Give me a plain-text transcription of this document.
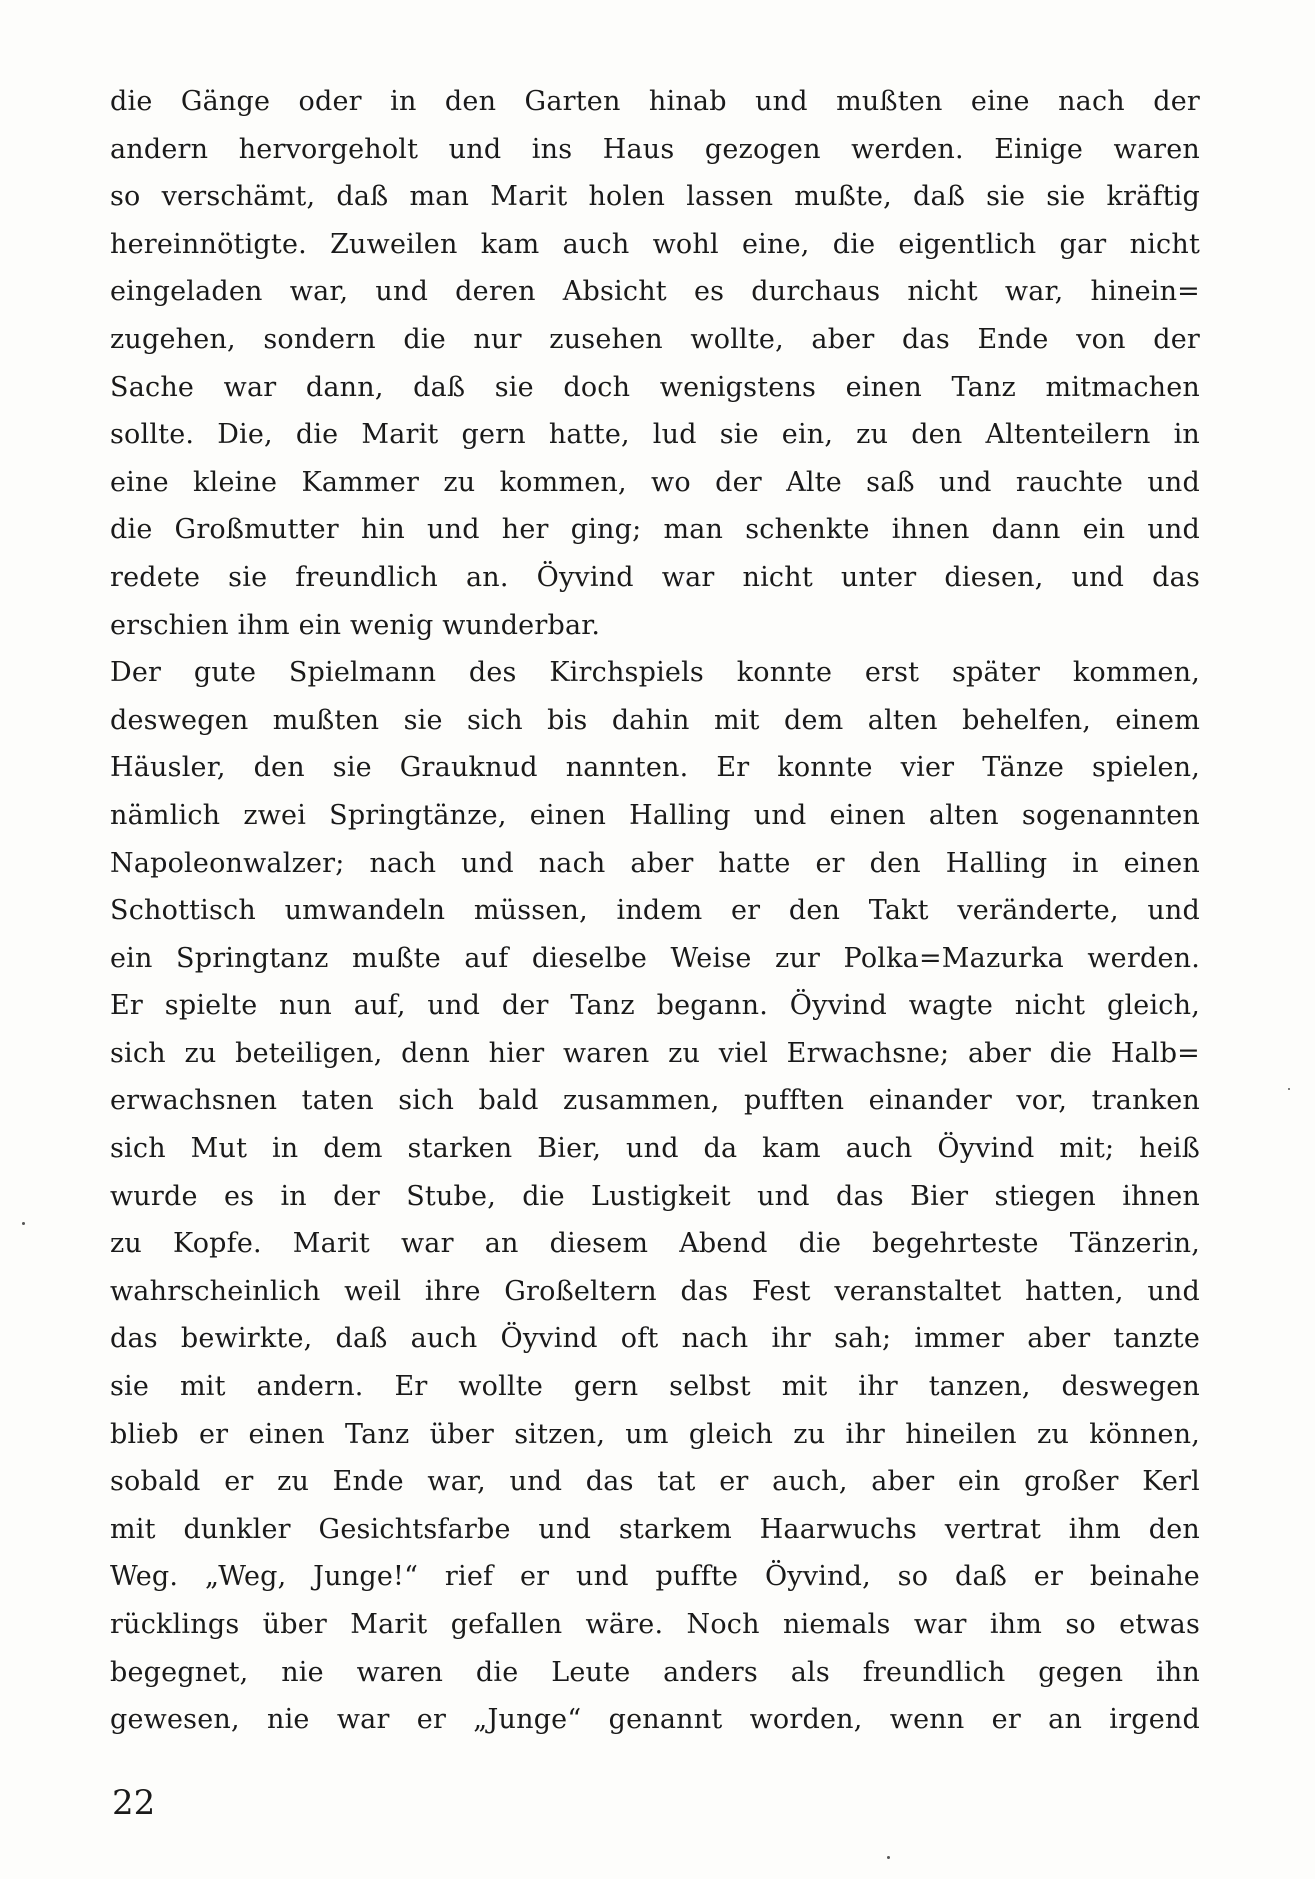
die Gänge oder in den Garten hinab und mußten eine nach der
andern hervorgeholt und ins Haus gezogen werden. Einige waren
so verschämt, daß man Marit holen lassen mußte, daß sie sie kräftig
hereinnötigte. Zuweilen kam auch wohl eine, die eigentlich gar nicht
eingeladen war, und deren Absicht es durchaus nicht war, hinein=
zugehen, sondern die nur zusehen wollte, aber das Ende von der
Sache war dann, daß sie doch wenigstens einen Tanz mitmachen
sollte. Die, die Marit gern hatte, lud sie ein, zu den Altenteilern in
eine kleine Kammer zu kommen, wo der Alte saß und rauchte und
die Großmutter hin und her ging; man schenkte ihnen dann ein und
redete sie freundlich an. Öyvind war nicht unter diesen, und das
erschien ihm ein wenig wunderbar.
Der gute Spielmann des Kirchspiels konnte erst später kommen,
deswegen mußten sie sich bis dahin mit dem alten behelfen, einem
Häusler, den sie Grauknud nannten. Er konnte vier Tänze spielen,
nämlich zwei Springtänze, einen Halling und einen alten sogenannten
Napoleonwalzer; nach und nach aber hatte er den Halling in einen
Schottisch umwandeln müssen, indem er den Takt veränderte, und
ein Springtanz mußte auf dieselbe Weise zur Polka=Mazurka werden.
Er spielte nun auf, und der Tanz begann. Öyvind wagte nicht gleich,
sich zu beteiligen, denn hier waren zu viel Erwachsne; aber die Halb=
erwachsnen taten sich bald zusammen, pufften einander vor, tranken
sich Mut in dem starken Bier, und da kam auch Öyvind mit; heiß
wurde es in der Stube, die Lustigkeit und das Bier stiegen ihnen
zu Kopfe. Marit war an diesem Abend die begehrteste Tänzerin,
wahrscheinlich weil ihre Großeltern das Fest veranstaltet hatten, und
das bewirkte, daß auch Öyvind oft nach ihr sah; immer aber tanzte
sie mit andern. Er wollte gern selbst mit ihr tanzen, deswegen
blieb er einen Tanz über sitzen, um gleich zu ihr hineilen zu können,
sobald er zu Ende war, und das tat er auch, aber ein großer Kerl
mit dunkler Gesichtsfarbe und starkem Haarwuchs vertrat ihm den
Weg. „Weg, Junge!“ rief er und puffte Öyvind, so daß er beinahe
rücklings über Marit gefallen wäre. Noch niemals war ihm so etwas
begegnet, nie waren die Leute anders als freundlich gegen ihn
gewesen, nie war er „Junge“ genannt worden, wenn er an irgend
22
